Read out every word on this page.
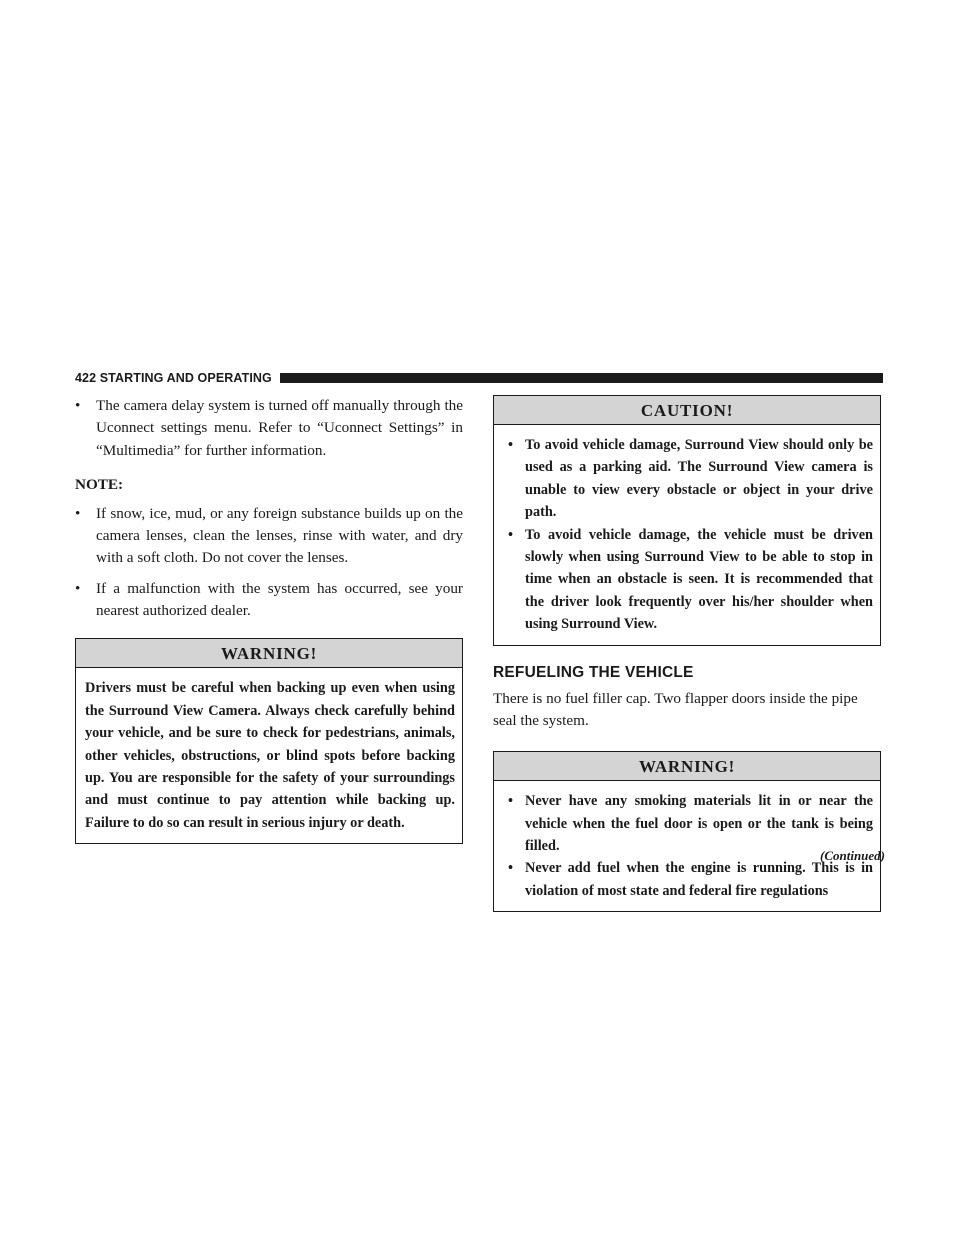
422 STARTING AND OPERATING
• The camera delay system is turned off manually through the Uconnect settings menu. Refer to “Uconnect Settings” in “Multimedia” for further information.
NOTE:
• If snow, ice, mud, or any foreign substance builds up on the camera lenses, clean the lenses, rinse with water, and dry with a soft cloth. Do not cover the lenses.
• If a malfunction with the system has occurred, see your nearest authorized dealer.
WARNING!

Drivers must be careful when backing up even when using the Surround View Camera. Always check carefully behind your vehicle, and be sure to check for pedestrians, animals, other vehicles, obstructions, or blind spots before backing up. You are responsible for the safety of your surroundings and must continue to pay attention while backing up. Failure to do so can result in serious injury or death.

CAUTION!
• To avoid vehicle damage, Surround View should only be used as a parking aid. The Surround View camera is unable to view every obstacle or object in your drive path.
• To avoid vehicle damage, the vehicle must be driven slowly when using Surround View to be able to stop in time when an obstacle is seen. It is recommended that the driver look frequently over his/her shoulder when using Surround View.
REFUELING THE VEHICLE

There is no fuel filler cap. Two flapper doors inside the pipe seal the system.

WARNING!
• Never have any smoking materials lit in or near the vehicle when the fuel door is open or the tank is being filled.
• Never add fuel when the engine is running. This is in violation of most state and federal fire regulations
(Continued)
